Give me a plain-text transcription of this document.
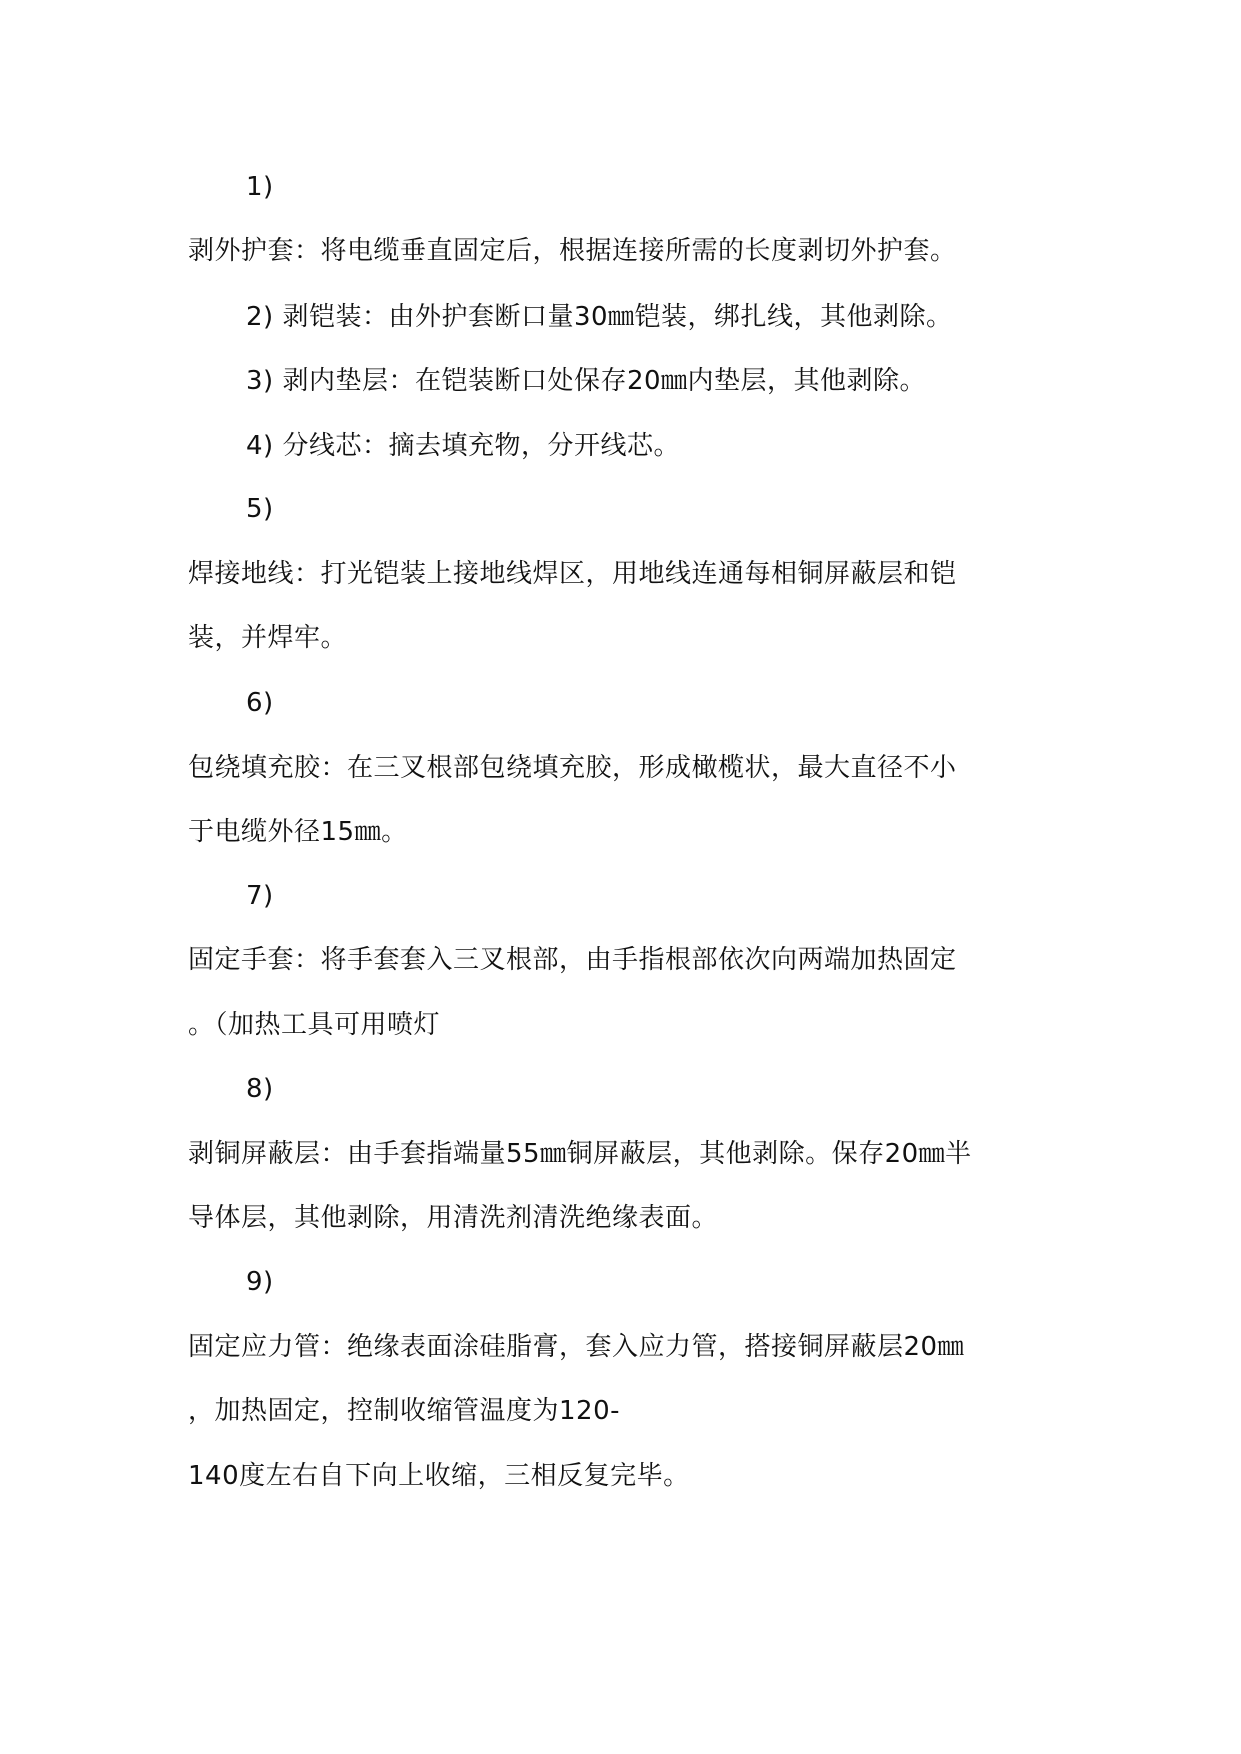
1)
剥外护套：将电缆垂直固定后，根据连接所需的长度剥切外护套。
2) 剥铠装：由外护套断口量30㎜铠装，绑扎线，其他剥除。
3) 剥内垫层：在铠装断口处保存20㎜内垫层，其他剥除。
4) 分线芯：摘去填充物，分开线芯。
5)
焊接地线：打光铠装上接地线焊区，用地线连通每相铜屏蔽层和铠
装，并焊牢。
6)
包绕填充胶：在三叉根部包绕填充胶，形成橄榄状，最大直径不小
于电缆外径15㎜。
7)
固定手套：将手套套入三叉根部，由手指根部依次向两端加热固定
。（加热工具可用喷灯
8)
剥铜屏蔽层：由手套指端量55㎜铜屏蔽层，其他剥除。保存20㎜半
导体层，其他剥除，用清洗剂清洗绝缘表面。
9)
固定应力管：绝缘表面涂硅脂膏，套入应力管，搭接铜屏蔽层20㎜
，加热固定，控制收缩管温度为120-
140度左右自下向上收缩，三相反复完毕。
